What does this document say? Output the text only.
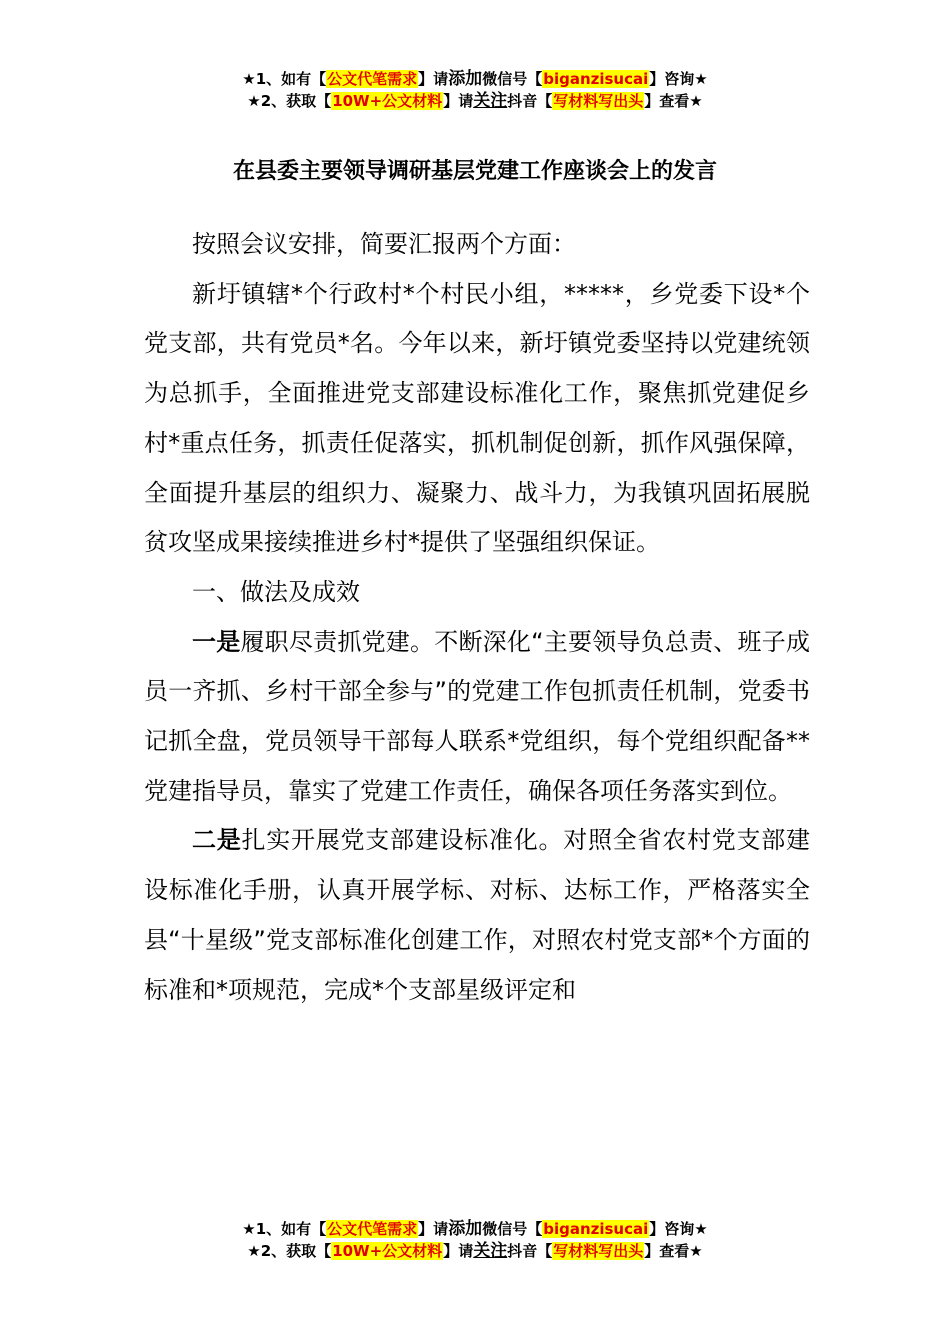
★1、如有【公文代笔需求】请添加微信号【biganzisucai】咨询★
★2、获取【10W+公文材料】请关注抖音【写材料写出头】查看★
在县委主要领导调研基层党建工作座谈会上的发言

按照会议安排，简要汇报两个方面：

新圩镇辖*个行政村*个村民小组，*****，乡党委下设*个党支部，共有党员*名。今年以来，新圩镇党委坚持以党建统领为总抓手，全面推进党支部建设标准化工作，聚焦抓党建促乡村*重点任务，抓责任促落实，抓机制促创新，抓作风强保障，全面提升基层的组织力、凝聚力、战斗力，为我镇巩固拓展脱贫攻坚成果接续推进乡村*提供了坚强组织保证。

一、做法及成效

一是履职尽责抓党建。不断深化“主要领导负总责、班子成员一齐抓、乡村干部全参与”的党建工作包抓责任机制，党委书记抓全盘，党员领导干部每人联系*党组织，每个党组织配备**党建指导员，靠实了党建工作责任，确保各项任务落实到位。

二是扎实开展党支部建设标准化。对照全省农村党支部建设标准化手册，认真开展学标、对标、达标工作，严格落实全县“十星级”党支部标准化创建工作，对照农村党支部*个方面的标准和*项规范，完成*个支部星级评定和

★1、如有【公文代笔需求】请添加微信号【biganzisucai】咨询★
★2、获取【10W+公文材料】请关注抖音【写材料写出头】查看★
